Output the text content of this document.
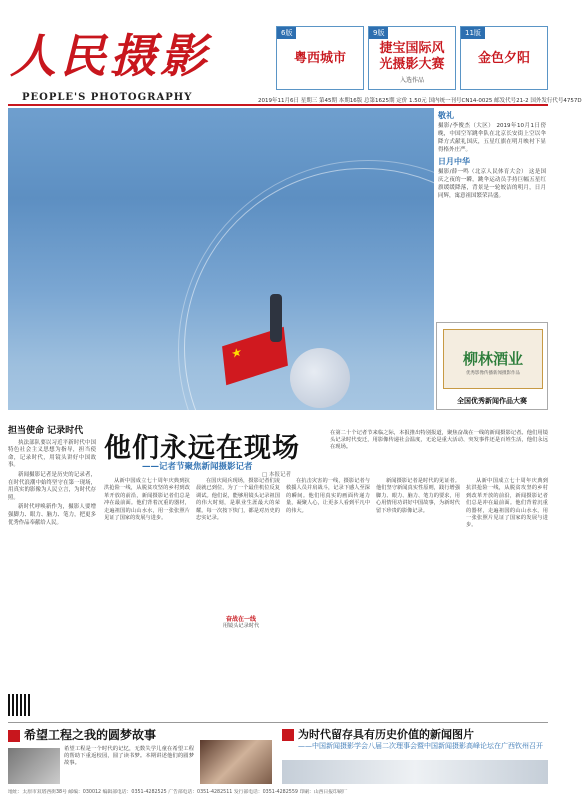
人民摄影
PEOPLE'S PHOTOGRAPHY
6版
粤西城市
9版
捷宝国际风光摄影大赛
入选作品
11版
金色夕阳
2019年11月6日 星期三 第45期 本期16版 总第1625期 定价 1.50元 国内统一刊号CN14-0025 邮发代号21-2 国外发行代号4757D
★
敬礼

摄影/李俊杰（大区） 2019年10月1日傍晚，中国空军跳伞队在北京长安街上空以伞降方式献礼国庆，五星红旗在明月映衬下显得格外庄严。

日月中华

摄影/薛一鸣（北京人民体育大会） 这是国庆之夜的一瞬，跳伞运动员手持巨幅五星红旗缓缓降落，背景是一轮皎洁的明月，日月同辉，寓意祖国繁荣昌盛。

柳林酒业
优秀影像传播新闻摄影作品
全国优秀新闻作品大赛
担当使命 记录时代

执法部队要以习近平新时代中国特色社会主义思想为指导，担当使命，记录时代，用镜头讲好中国故事。

新闻摄影记者是历史的记录者，在时代浪潮中始终坚守在第一现场，用真实的影像为人民立言，为时代存照。

新时代呼唤新作为，摄影人要增强脚力、眼力、脑力、笔力，把更多优秀作品奉献给人民。

他们永远在现场
——记者节聚焦新闻摄影记者
□ 本报记者
在第二十个记者节来临之际，本报推出特别报道，聚焦奋战在一线的新闻摄影记者。他们用镜头记录时代变迁，用影像传递社会温度，无论是重大活动、突发事件还是百姓生活，他们永远在现场。

从新中国成立七十周年庆典到抗洪抢险一线，从脱贫攻坚的乡村到改革开放的前沿，新闻摄影记者们总是冲在最前面。他们背着沉重的器材，走遍祖国的山山水水，用一张张照片见证了国家的发展与进步。

在国庆阅兵现场，摄影记者们凌晨就已到位，为了一个最佳机位反复调试。他们说，能够用镜头记录祖国的伟大时刻，是职业生涯最大的荣耀。每一次按下快门，都是对历史的忠实记录。

在抗击灾害的一线，摄影记者与救援人员并肩战斗，记录下感人至深的瞬间。他们用真实的画面传递力量，凝聚人心，让更多人看到平凡中的伟大。

新闻摄影记者是时代的见证者。他们坚守新闻真实性原则，践行增强脚力、眼力、脑力、笔力的要求，用心用情用功讲好中国故事，为新时代留下珍贵的影像记录。

从新中国成立七十周年庆典到抗洪抢险一线，从脱贫攻坚的乡村到改革开放的前沿，新闻摄影记者们总是冲在最前面。他们背着沉重的器材，走遍祖国的山山水水，用一张张照片见证了国家的发展与进步。

奋战在一线
用镜头记录时代
希望工程之我的圆梦故事
希望工程是一个时代的记忆，无数失学儿童在希望工程的帮助下重返校园，圆了读书梦。本期讲述他们的圆梦故事。
为时代留存具有历史价值的新闻图片
——中国新闻摄影学会八届二次理事会暨中国新闻摄影高峰论坛在广西钦州召开
地址：太原市双塔西街38号 邮编：030012 编辑部电话：0351-4282525 广告部电话：0351-4282511 发行部电话：0351-4282559 印刷：山西日报印刷厂
